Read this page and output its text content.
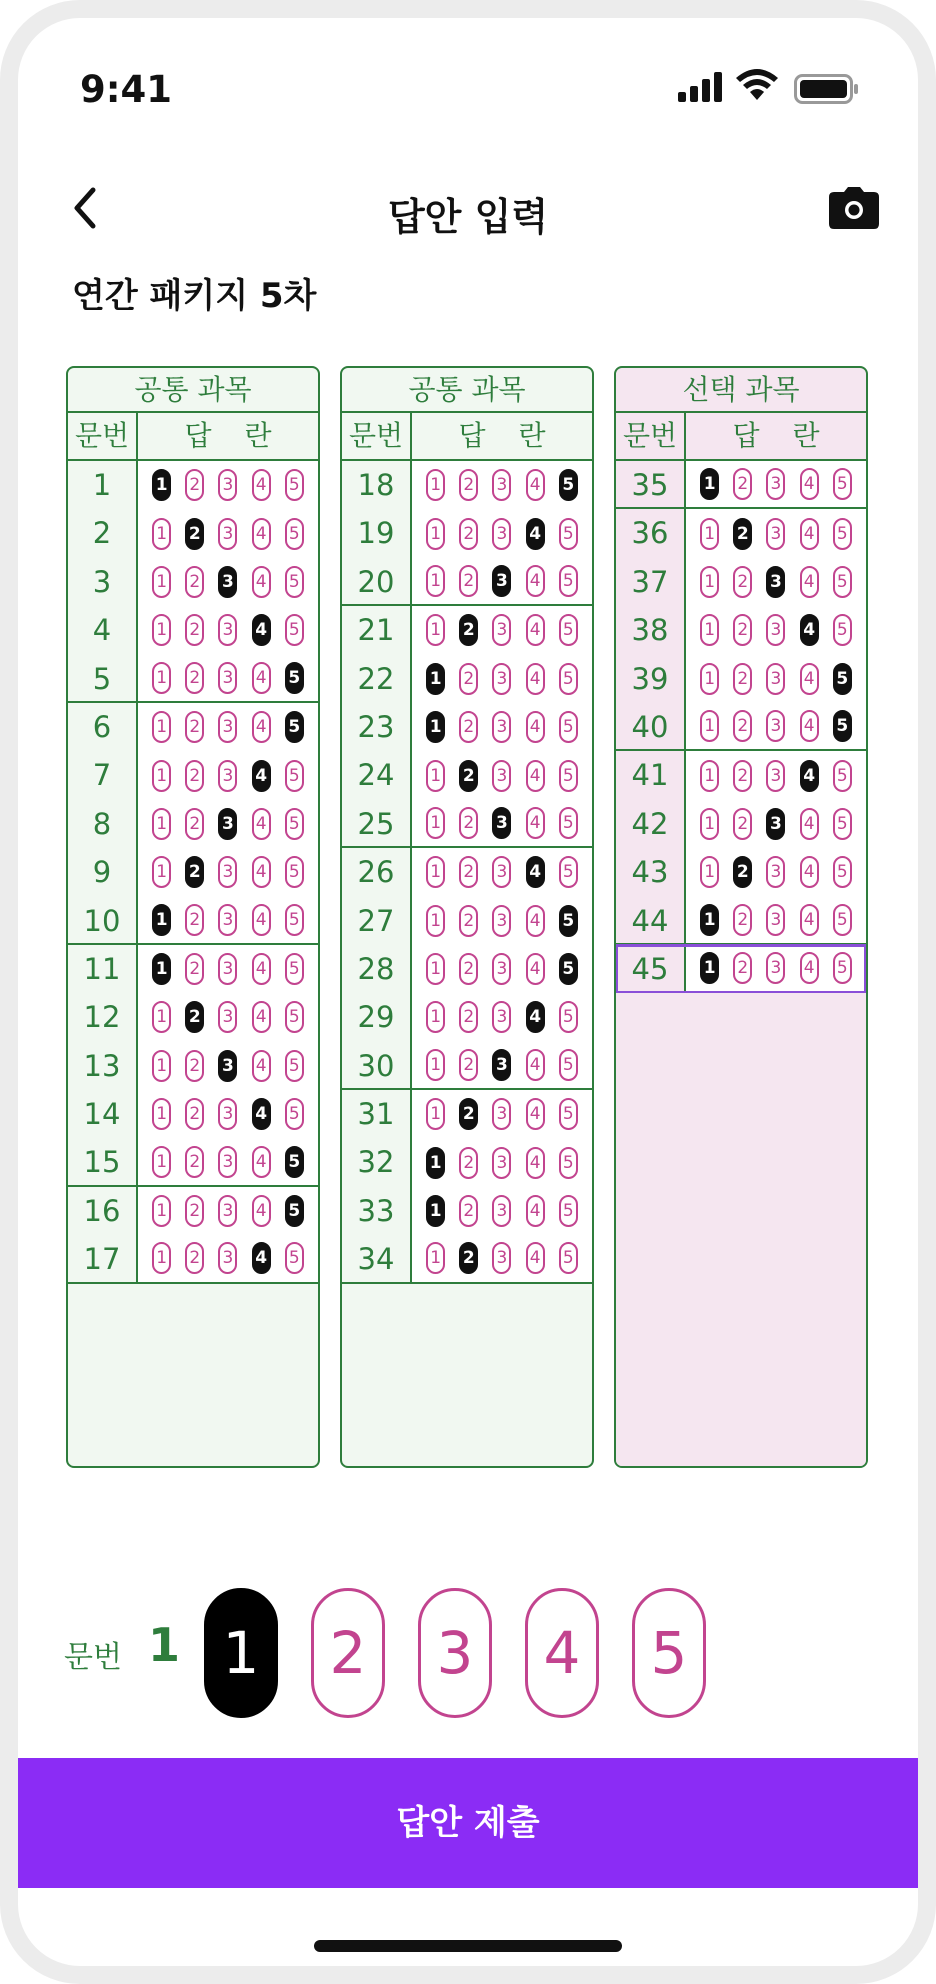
9:41
답안 입력
연간 패키지 5차
공통 과목
문번	답 란
1	1 2 3 4 5
2	1 2 3 4 5
3	1 2 3 4 5
4	1 2 3 4 5
5	1 2 3 4 5
6	1 2 3 4 5
7	1 2 3 4 5
8	1 2 3 4 5
9	1 2 3 4 5
10	1 2 3 4 5
11	1 2 3 4 5
12	1 2 3 4 5
13	1 2 3 4 5
14	1 2 3 4 5
15	1 2 3 4 5
16	1 2 3 4 5
17	1 2 3 4 5
공통 과목
문번	답 란
18	1 2 3 4 5
19	1 2 3 4 5
20	1 2 3 4 5
21	1 2 3 4 5
22	1 2 3 4 5
23	1 2 3 4 5
24	1 2 3 4 5
25	1 2 3 4 5
26	1 2 3 4 5
27	1 2 3 4 5
28	1 2 3 4 5
29	1 2 3 4 5
30	1 2 3 4 5
31	1 2 3 4 5
32	1 2 3 4 5
33	1 2 3 4 5
34	1 2 3 4 5
선택 과목
문번	답 란
35	1 2 3 4 5
36	1 2 3 4 5
37	1 2 3 4 5
38	1 2 3 4 5
39	1 2 3 4 5
40	1 2 3 4 5
41	1 2 3 4 5
42	1 2 3 4 5
43	1 2 3 4 5
44	1 2 3 4 5
45	1 2 3 4 5
문번 1 1	2	3	4	5
답안 제출
